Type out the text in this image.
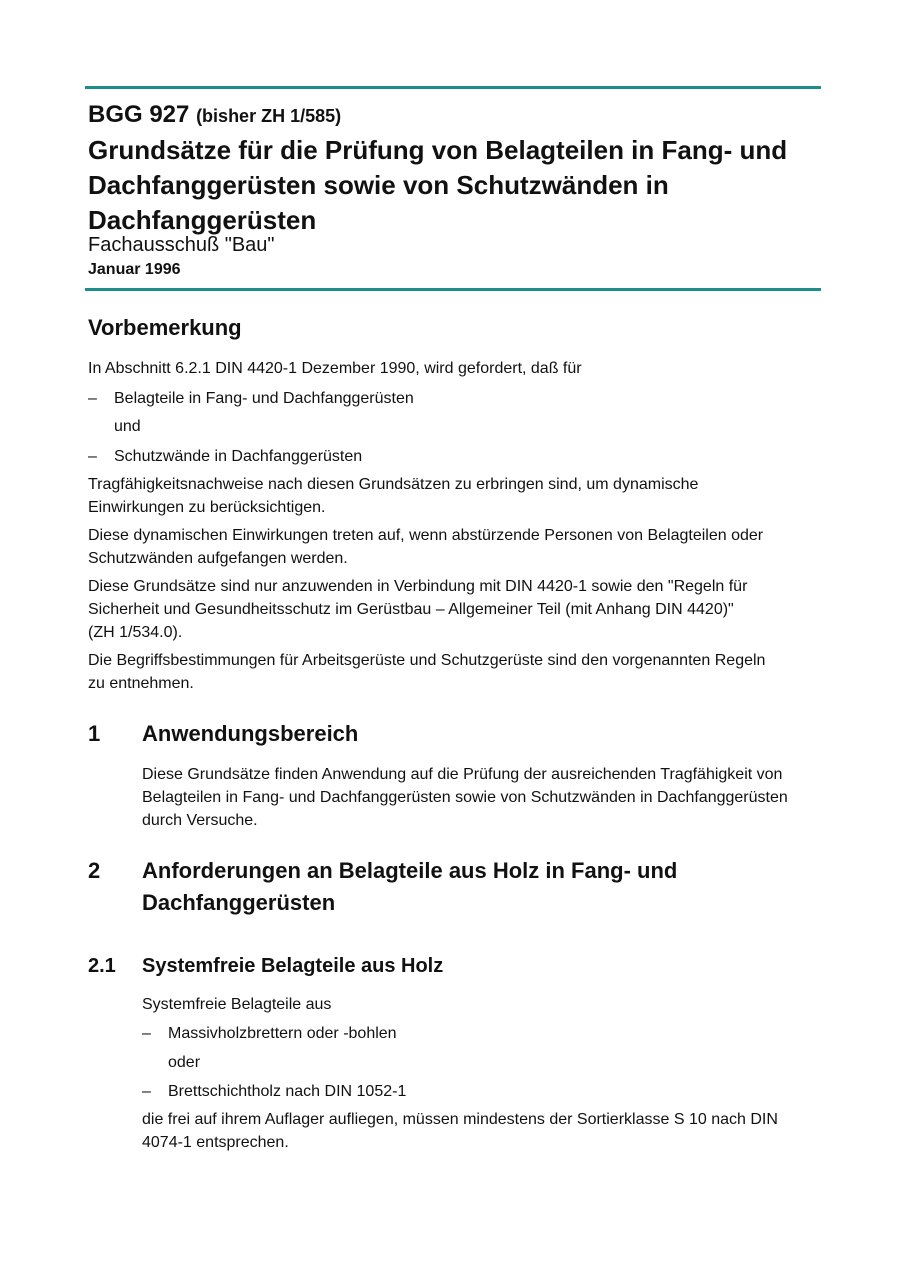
BGG 927 (bisher ZH 1/585)
Grundsätze für die Prüfung von Belagteilen in Fang- und Dachfanggerüsten sowie von Schutzwänden in Dachfanggerüsten
Fachausschuß "Bau"
Januar 1996
Vorbemerkung
In Abschnitt 6.2.1 DIN 4420-1 Dezember 1990, wird gefordert, daß für
– Belagteile in Fang- und Dachfanggerüsten
und
– Schutzwände in Dachfanggerüsten
Tragfähigkeitsnachweise nach diesen Grundsätzen zu erbringen sind, um dynamische
Einwirkungen zu berücksichtigen.
Diese dynamischen Einwirkungen treten auf, wenn abstürzende Personen von Belagteilen oder
Schutzwänden aufgefangen werden.
Diese Grundsätze sind nur anzuwenden in Verbindung mit DIN 4420-1 sowie den "Regeln für
Sicherheit und Gesundheitsschutz im Gerüstbau – Allgemeiner Teil (mit Anhang DIN 4420)"
(ZH 1/534.0).
Die Begriffsbestimmungen für Arbeitsgerüste und Schutzgerüste sind den vorgenannten Regeln
zu entnehmen.
1 Anwendungsbereich
Diese Grundsätze finden Anwendung auf die Prüfung der ausreichenden Tragfähigkeit von
Belagteilen in Fang- und Dachfanggerüsten sowie von Schutzwänden in Dachfanggerüsten
durch Versuche.
2 Anforderungen an Belagteile aus Holz in Fang- und
Dachfanggerüsten
2.1 Systemfreie Belagteile aus Holz
Systemfreie Belagteile aus
– Massivholzbrettern oder -bohlen
oder
– Brettschichtholz nach DIN 1052-1
die frei auf ihrem Auflager aufliegen, müssen mindestens der Sortierklasse S 10 nach DIN
4074-1 entsprechen.
